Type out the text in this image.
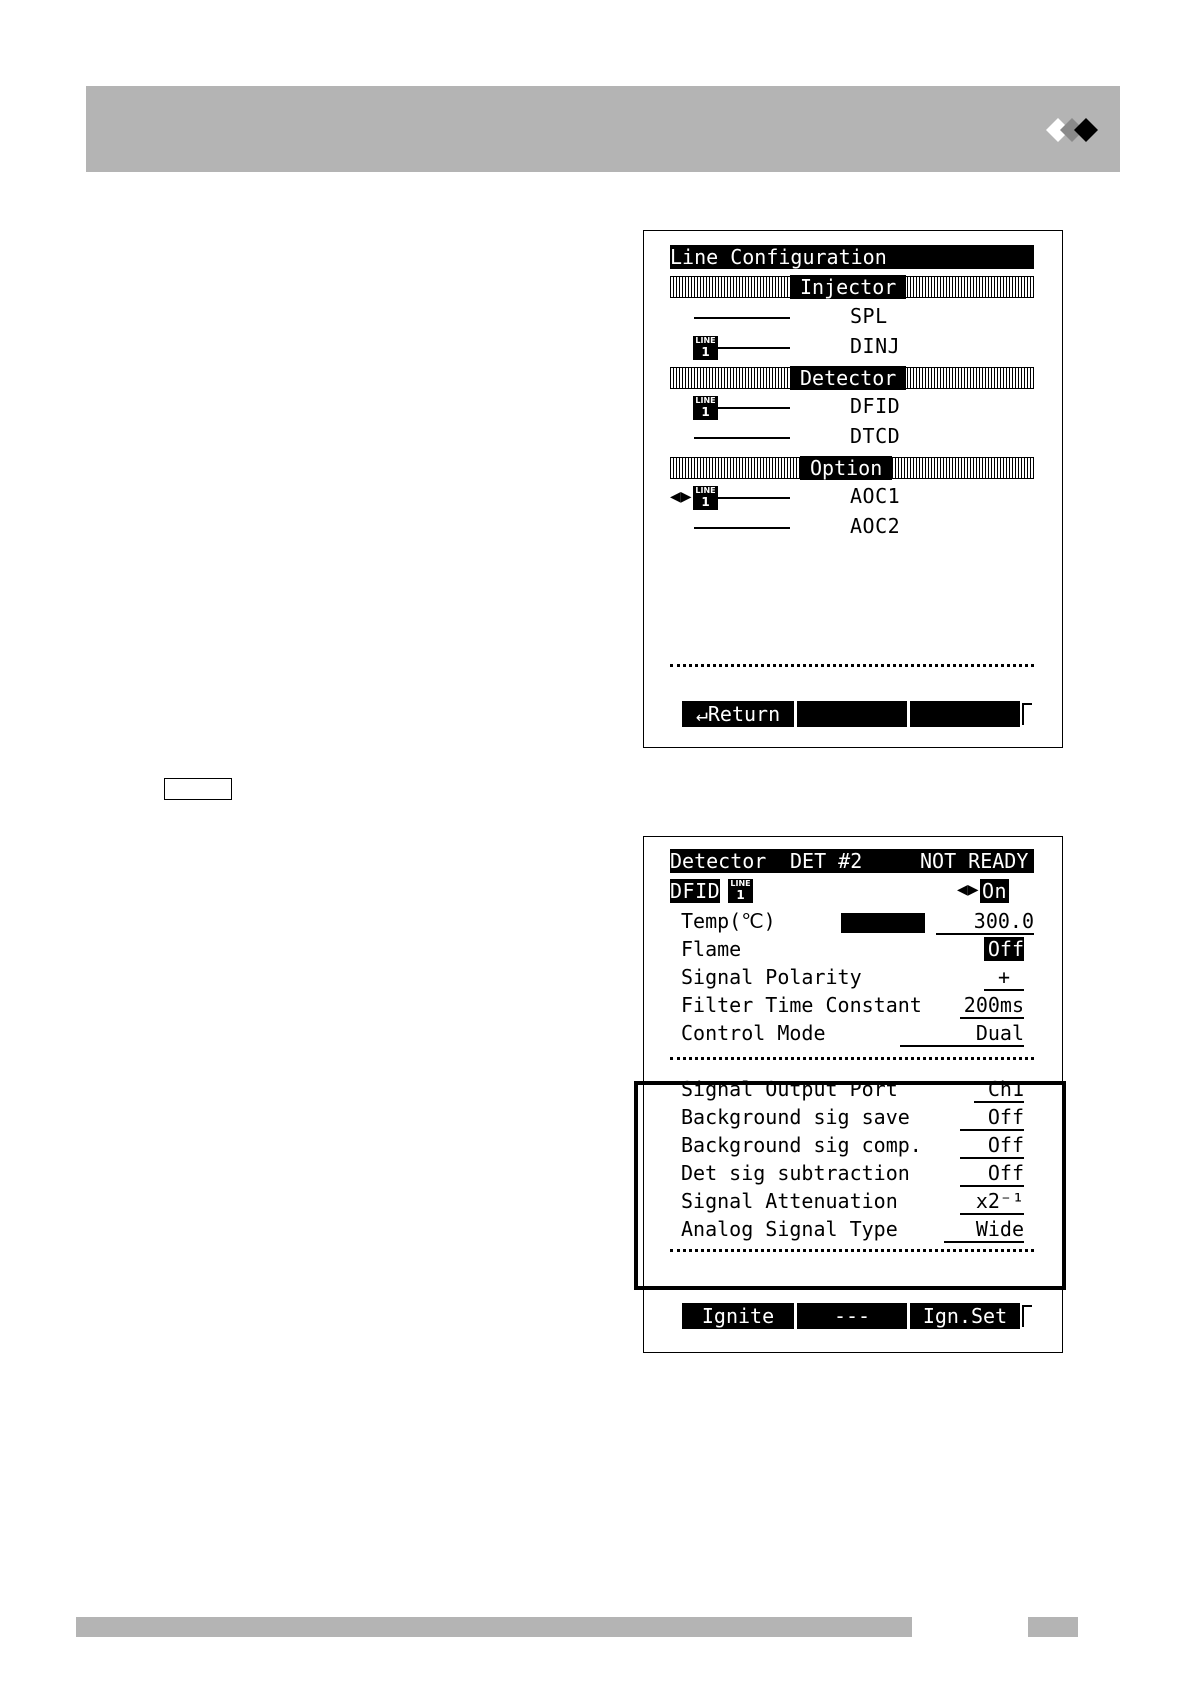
Line Configuration
Injector
SPL
LINE
1	DINJ
Detector
LINE
1	DFID
DTCD
Option
◀▶ LINE
1	AOC1
AOC2
↵Return
Detector DET #2	NOT READY
DFID LINE
1	◀▶ On
Temp(℃)	300.0
Flame	Off
Signal Polarity	+
Filter Time Constant 200ms
Control Mode	Dual
Signal Output Port	Ch1
Background sig save	Off
Background sig comp.	Off
Det sig subtraction	Off
Signal Attenuation	x2⁻¹
Analog Signal Type	Wide
Ignite	---	Ign.Set
